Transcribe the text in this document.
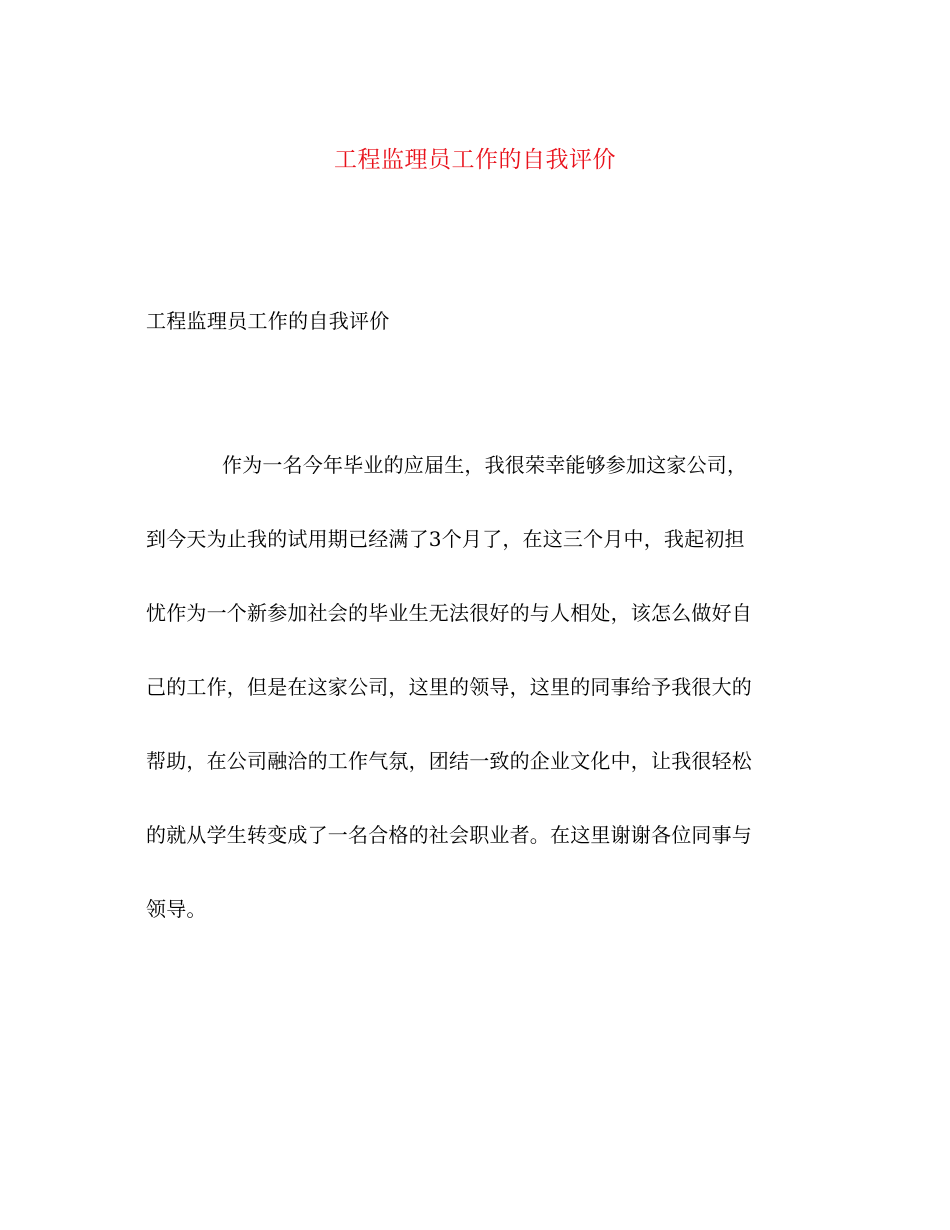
工程监理员工作的自我评价
工程监理员工作的自我评价
作为一名今年毕业的应届生，我很荣幸能够参加这家公司，
到今天为止我的试用期已经满了3个月了，在这三个月中，我起初担
忧作为一个新参加社会的毕业生无法很好的与人相处，该怎么做好自
己的工作，但是在这家公司，这里的领导，这里的同事给予我很大的
帮助，在公司融洽的工作气氛，团结一致的企业文化中，让我很轻松
的就从学生转变成了一名合格的社会职业者。在这里谢谢各位同事与
领导。
